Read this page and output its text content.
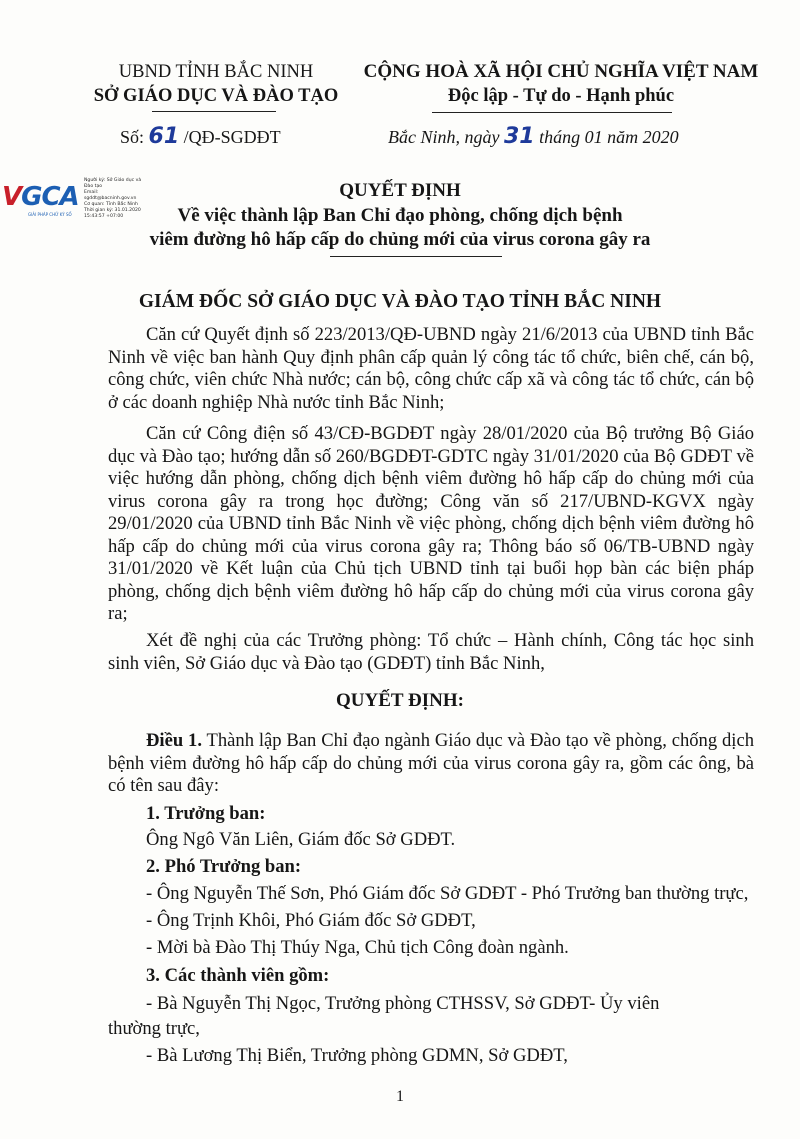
UBND TỈNH BẮC NINH
SỞ GIÁO DỤC VÀ ĐÀO TẠO
CỘNG HOÀ XÃ HỘI CHỦ NGHĨA VIỆT NAM
Độc lập - Tự do - Hạnh phúc
Số: 61 /QĐ-SGDĐT	Bắc Ninh, ngày 31 tháng 01 năm 2020
VGCA
GIẢI PHÁP CHỮ KÝ SỐ
Người ký: Sở Giáo dục và
Đào tạo
Email:
sgddt@bacninh.gov.vn
Cơ quan: Tỉnh Bắc Ninh
Thời gian ký: 31.01.2020
15:43:57 +07:00
QUYẾT ĐỊNH
Về việc thành lập Ban Chỉ đạo phòng, chống dịch bệnh
viêm đường hô hấp cấp do chủng mới của virus corona gây ra
GIÁM ĐỐC SỞ GIÁO DỤC VÀ ĐÀO TẠO TỈNH BẮC NINH
Căn cứ Quyết định số 223/2013/QĐ-UBND ngày 21/6/2013 của UBND tỉnh Bắc Ninh về việc ban hành Quy định phân cấp quản lý công tác tổ chức, biên chế, cán bộ, công chức, viên chức Nhà nước; cán bộ, công chức cấp xã và công tác tổ chức, cán bộ ở các doanh nghiệp Nhà nước tỉnh Bắc Ninh;
Căn cứ Công điện số 43/CĐ-BGDĐT ngày 28/01/2020 của Bộ trưởng Bộ Giáo dục và Đào tạo; hướng dẫn số 260/BGDĐT-GDTC ngày 31/01/2020 của Bộ GDĐT về việc hướng dẫn phòng, chống dịch bệnh viêm đường hô hấp cấp do chủng mới của virus corona gây ra trong học đường; Công văn số 217/UBND-KGVX ngày 29/01/2020 của UBND tỉnh Bắc Ninh về việc phòng, chống dịch bệnh viêm đường hô hấp cấp do chủng mới của virus corona gây ra; Thông báo số 06/TB-UBND ngày 31/01/2020 về Kết luận của Chủ tịch UBND tỉnh tại buổi họp bàn các biện pháp phòng, chống dịch bệnh viêm đường hô hấp cấp do chủng mới của virus corona gây ra;
Xét đề nghị của các Trưởng phòng: Tổ chức – Hành chính, Công tác học sinh sinh viên, Sở Giáo dục và Đào tạo (GDĐT) tỉnh Bắc Ninh,
QUYẾT ĐỊNH:
Điều 1. Thành lập Ban Chỉ đạo ngành Giáo dục và Đào tạo về phòng, chống dịch bệnh viêm đường hô hấp cấp do chủng mới của virus corona gây ra, gồm các ông, bà có tên sau đây:
1. Trưởng ban:
Ông Ngô Văn Liên, Giám đốc Sở GDĐT.
2. Phó Trưởng ban:
- Ông Nguyễn Thế Sơn, Phó Giám đốc Sở GDĐT - Phó Trưởng ban thường trực,
- Ông Trịnh Khôi, Phó Giám đốc Sở GDĐT,
- Mời bà Đào Thị Thúy Nga, Chủ tịch Công đoàn ngành.
3. Các thành viên gồm:
- Bà Nguyễn Thị Ngọc, Trưởng phòng CTHSSV, Sở GDĐT- Ủy viên
thường trực,
- Bà Lương Thị Biển, Trưởng phòng GDMN, Sở GDĐT,
1
